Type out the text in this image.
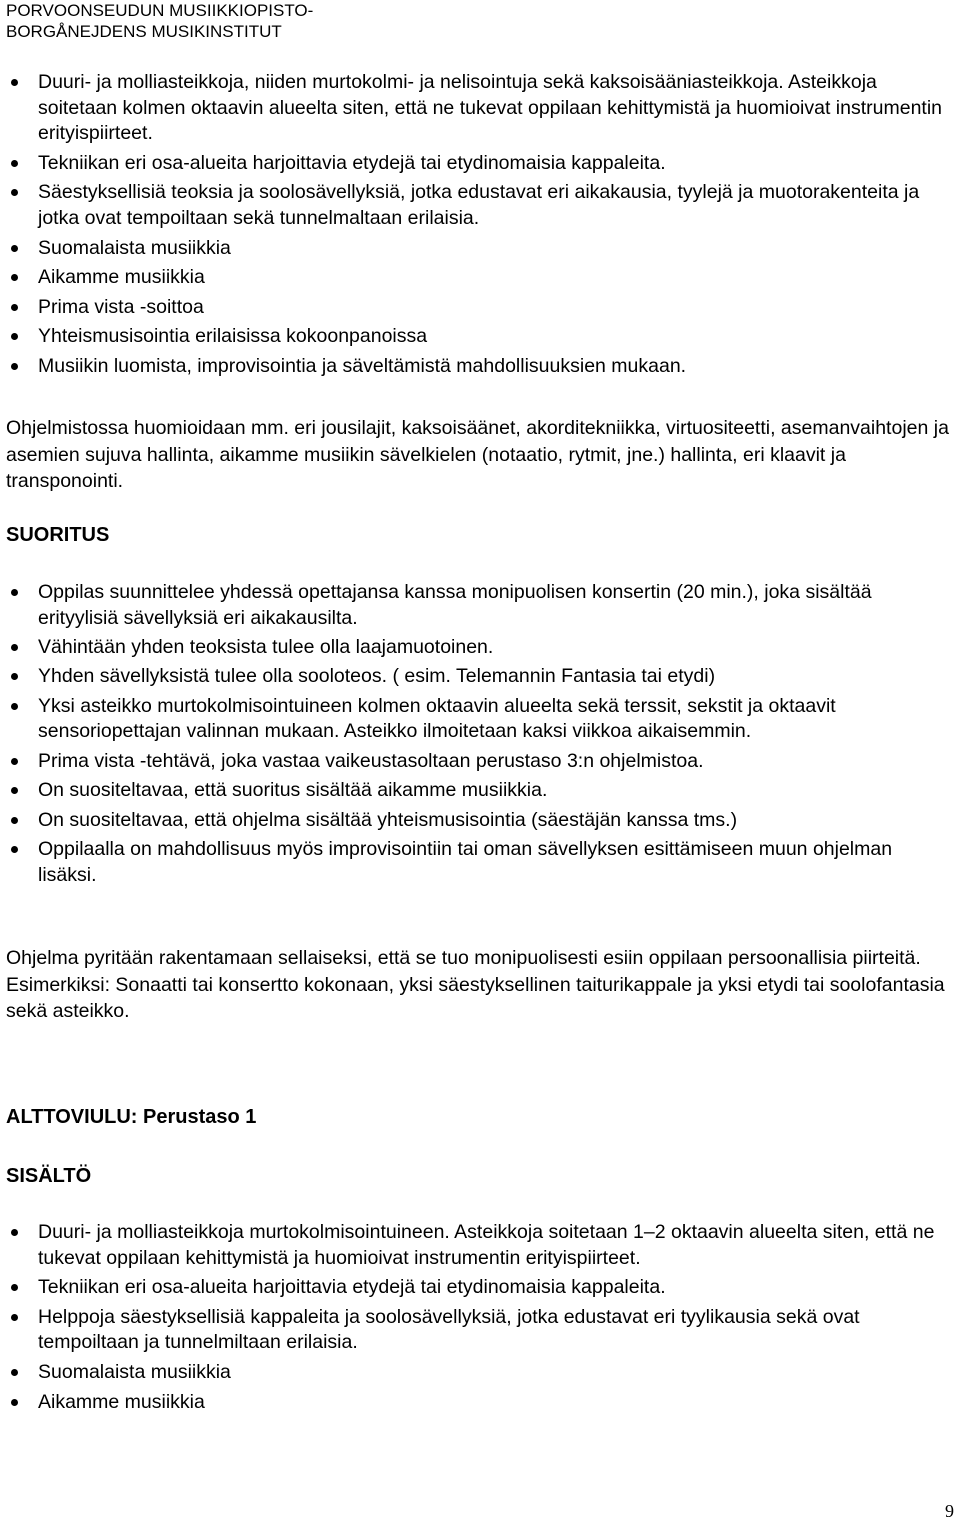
PORVOONSEUDUN MUSIIKKIOPISTO-
BORGÅNEJDENS MUSIKINSTITUT
Duuri- ja molliasteikkoja, niiden murtokolmi- ja nelisointuja sekä kaksoisääniasteikkoja. Asteikkoja soitetaan kolmen oktaavin alueelta siten, että ne tukevat oppilaan kehittymistä ja huomioivat instrumentin erityispiirteet.
Tekniikan eri osa-alueita harjoittavia etydejä tai etydinomaisia kappaleita.
Säestyksellisiä teoksia ja soolosävellyksiä, jotka edustavat eri aikakausia, tyylejä ja muotorakenteita ja jotka ovat tempoiltaan sekä tunnelmaltaan erilaisia.
Suomalaista musiikkia
Aikamme musiikkia
Prima vista -soittoa
Yhteismusisointia erilaisissa kokoonpanoissa
Musiikin luomista, improvisointia ja säveltämistä mahdollisuuksien mukaan.

Ohjelmistossa huomioidaan mm. eri jousilajit, kaksoisäänet, akorditekniikka, virtuositeetti, asemanvaihtojen ja asemien sujuva hallinta, aikamme musiikin sävelkielen (notaatio, rytmit, jne.) hallinta, eri klaavit ja transponointi.

SUORITUS
Oppilas suunnittelee yhdessä opettajansa kanssa monipuolisen konsertin (20 min.), joka sisältää erityylisiä sävellyksiä eri aikakausilta.
Vähintään yhden teoksista tulee olla laajamuotoinen.
Yhden sävellyksistä tulee olla sooloteos. ( esim. Telemannin Fantasia tai etydi)
Yksi asteikko murtokolmisointuineen kolmen oktaavin alueelta sekä terssit, sekstit ja oktaavit sensoriopettajan valinnan mukaan. Asteikko ilmoitetaan kaksi viikkoa aikaisemmin.
Prima vista -tehtävä, joka vastaa vaikeustasoltaan perustaso 3:n ohjelmistoa.
On suositeltavaa, että suoritus sisältää aikamme musiikkia.
On suositeltavaa, että ohjelma sisältää yhteismusisointia (säestäjän kanssa tms.)
Oppilaalla on mahdollisuus myös improvisointiin tai oman sävellyksen esittämiseen muun ohjelman lisäksi.

Ohjelma pyritään rakentamaan sellaiseksi, että se tuo monipuolisesti esiin oppilaan persoonallisia piirteitä. Esimerkiksi: Sonaatti tai konsertto kokonaan, yksi säestyksellinen taiturikappale ja yksi etydi tai soolofantasia sekä asteikko.

ALTTOVIULU: Perustaso 1
SISÄLTÖ
Duuri- ja molliasteikkoja murtokolmisointuineen. Asteikkoja soitetaan 1–2 oktaavin alueelta siten, että ne tukevat oppilaan kehittymistä ja huomioivat instrumentin erityispiirteet.
Tekniikan eri osa-alueita harjoittavia etydejä tai etydinomaisia kappaleita.
Helppoja säestyksellisiä kappaleita ja soolosävellyksiä, jotka edustavat eri tyylikausia sekä ovat tempoiltaan ja tunnelmiltaan erilaisia.
Suomalaista musiikkia
Aikamme musiikkia
9
